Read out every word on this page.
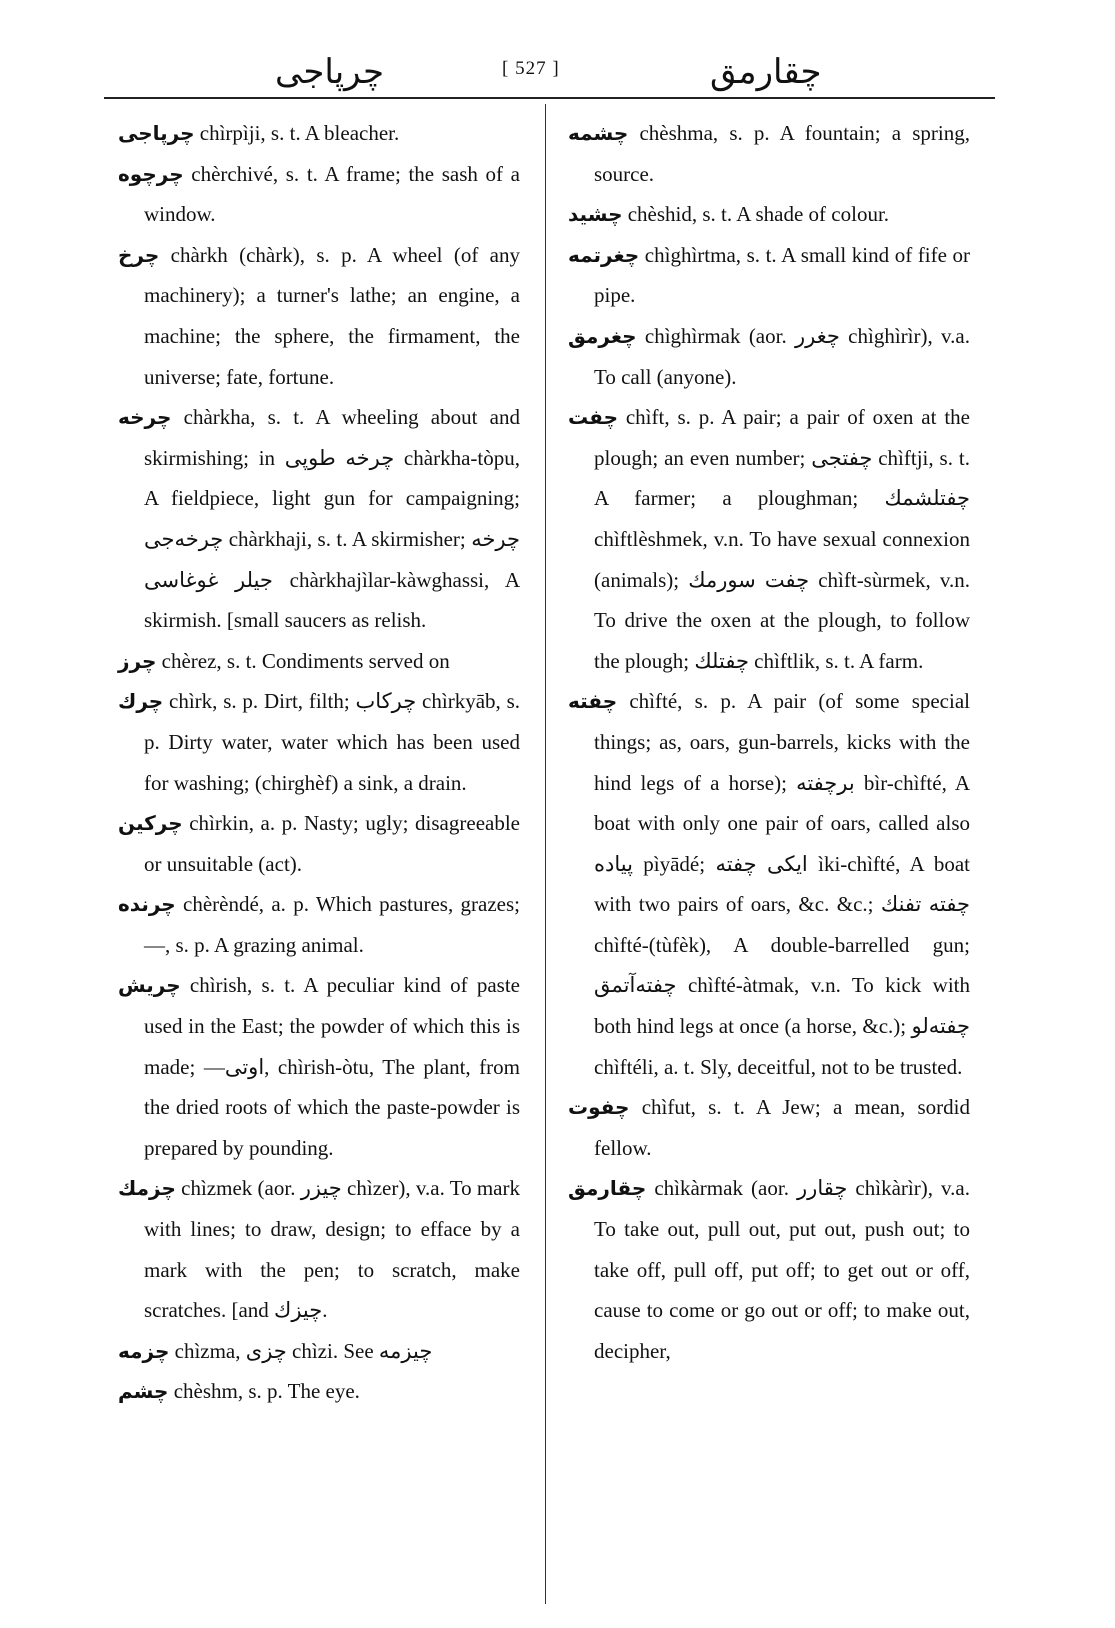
چرپاجی	[ 527 ]	چقارمق
چرپاجی chìrpìji, s. t. A bleacher.
چرچوه chèrchivé, s. t. A frame; the sash of a window.
چرخ chàrkh (chàrk), s. p. A wheel (of any machinery); a turner's lathe; an engine, a machine; the sphere, the firmament, the universe; fate, fortune.
چرخه chàrkha, s. t. A wheeling about and skirmishing; in چرخه طوپی chàrkha-tòpu, A fieldpiece, light gun for campaigning; چرخه‌جی chàrkhaji, s. t. A skirmisher; چرخه جیلر غوغاسی chàrkhajìlar-kàwghassi, A skirmish. [small saucers as relish.
چرز chèrez, s. t. Condiments served on
چرك chìrk, s. p. Dirt, filth; چرکاب chìrkyāb, s. p. Dirty water, water which has been used for washing; (chirghèf) a sink, a drain.
چرکین chìrkin, a. p. Nasty; ugly; disagreeable or unsuitable (act).
چرنده chèrèndé, a. p. Which pastures, grazes; —, s. p. A grazing animal.
چریش chìrish, s. t. A peculiar kind of paste used in the East; the powder of which this is made; —اوتی, chìrish-òtu, The plant, from the dried roots of which the paste-powder is prepared by pounding.
چزمك chìzmek (aor. چیزر chìzer), v.a. To mark with lines; to draw, design; to efface by a mark with the pen; to scratch, make scratches. [and چیزك.
چزمه chìzma, چزی chìzi. See چیزمه
چشم chèshm, s. p. The eye.
چشمه chèshma, s. p. A fountain; a spring, source.
چشید chèshid, s. t. A shade of colour.
چغرتمه chìghìrtma, s. t. A small kind of fife or pipe.
چغرمق chìghìrmak (aor. چغرر chìghìrìr), v.a. To call (anyone).
چفت chìft, s. p. A pair; a pair of oxen at the plough; an even number; چفتجی chìftji, s. t. A farmer; a ploughman; چفتلشمك chìftlèshmek, v.n. To have sexual connexion (animals); چفت سورمك chìft-sùrmek, v.n. To drive the oxen at the plough, to follow the plough; چفتلك chìftlik, s. t. A farm.
چفته chìfté, s. p. A pair (of some special things; as, oars, gun-barrels, kicks with the hind legs of a horse); برچفته bìr-chìfté, A boat with only one pair of oars, called also پیاده pìyādé; ایکی چفته ìki-chìfté, A boat with two pairs of oars, &c. &c.; چفته تفنك chìfté-(tùfèk), A double-barrelled gun; چفته‌آتمق chìfté-àtmak, v.n. To kick with both hind legs at once (a horse, &c.); چفته‌لو chìftéli, a. t. Sly, deceitful, not to be trusted.
چفوت chìfut, s. t. A Jew; a mean, sordid fellow.
چقارمق chìkàrmak (aor. چقارر chìkàrìr), v.a. To take out, pull out, put out, push out; to take off, pull off, put off; to get out or off, cause to come or go out or off; to make out, decipher,
